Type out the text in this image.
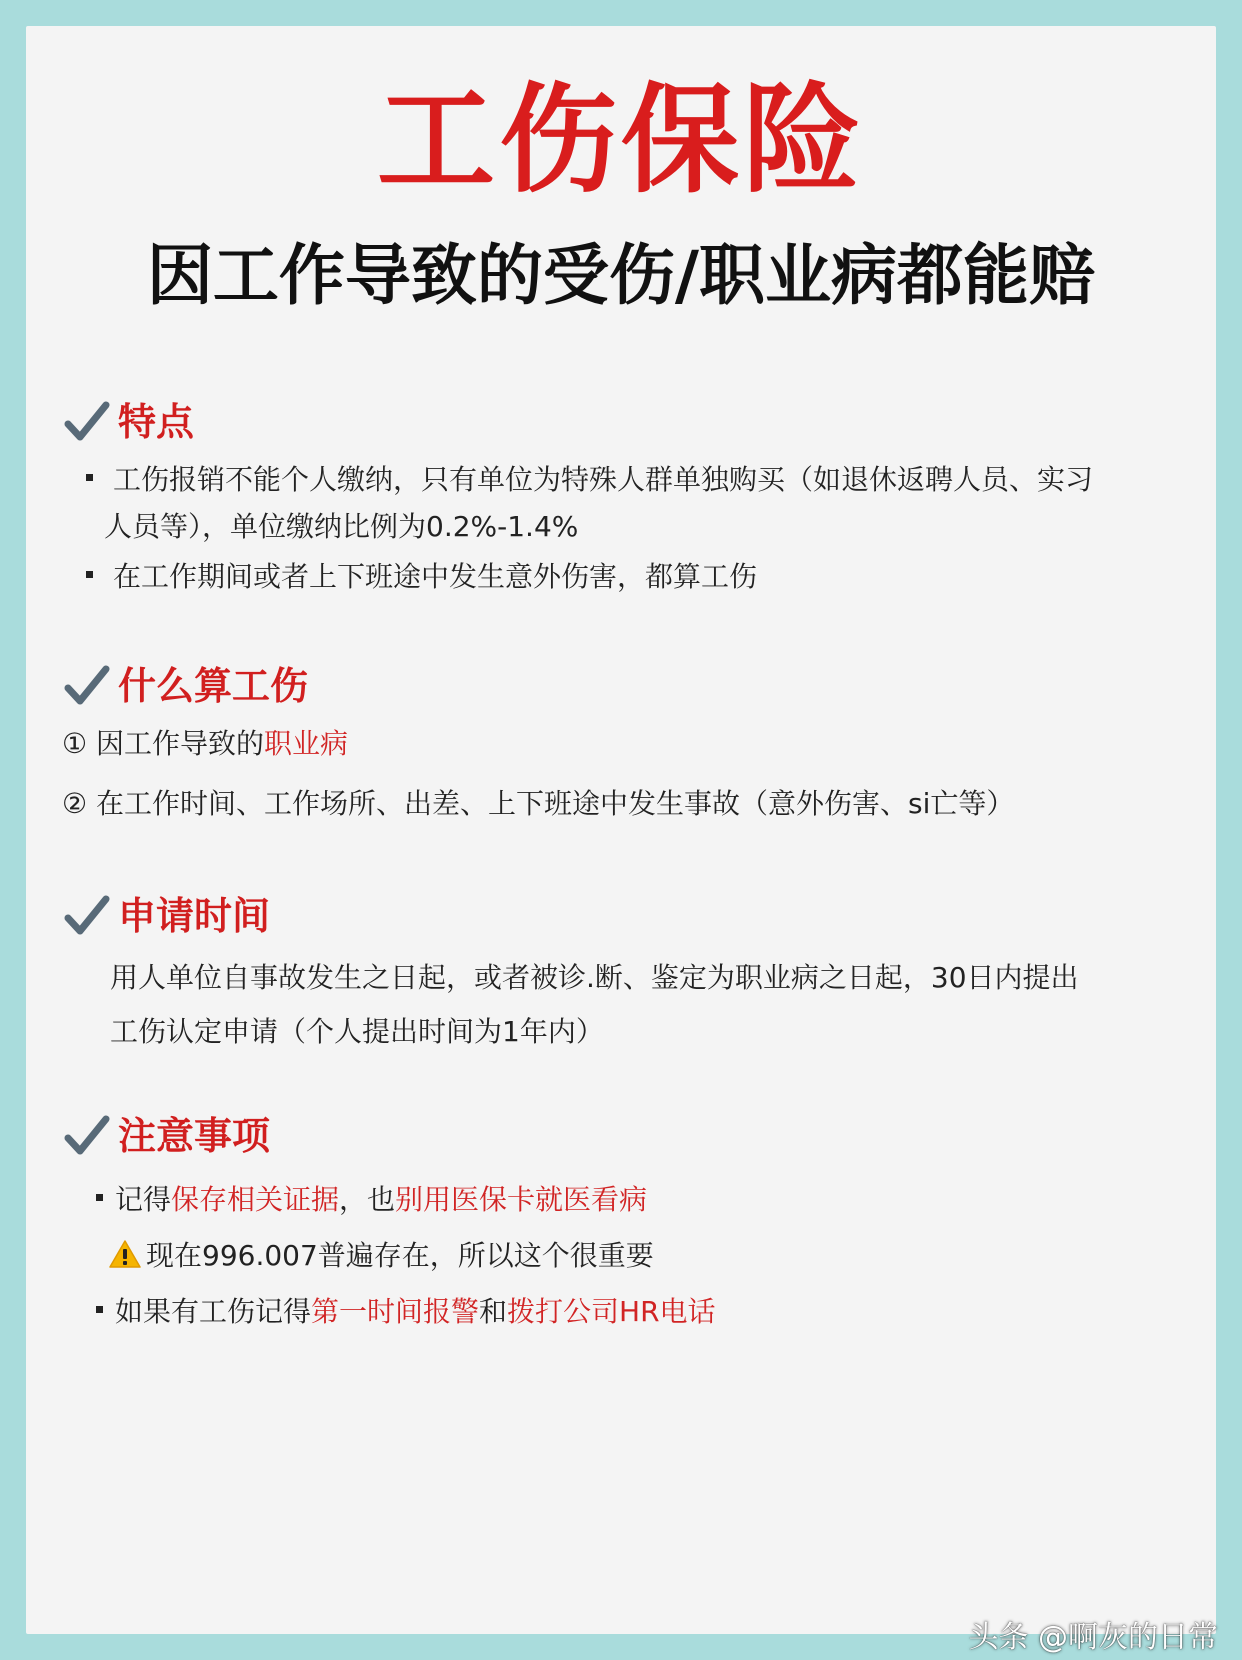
工伤保险
因工作导致的受伤/职业病都能赔
特点
工伤报销不能个人缴纳，只有单位为特殊人群单独购买（如退休返聘人员、实习
人员等），单位缴纳比例为0.2%-1.4%
在工作期间或者上下班途中发生意外伤害，都算工伤
什么算工伤
① 因工作导致的职业病
② 在工作时间、工作场所、出差、上下班途中发生事故（意外伤害、si亡等）
申请时间
用人单位自事故发生之日起，或者被诊.断、鉴定为职业病之日起，30日内提出
工伤认定申请（个人提出时间为1年内）
注意事项
记得保存相关证据，也别用医保卡就医看病
现在996.007普遍存在，所以这个很重要
如果有工伤记得第一时间报警和拨打公司HR电话
头条 @啊灰的日常
